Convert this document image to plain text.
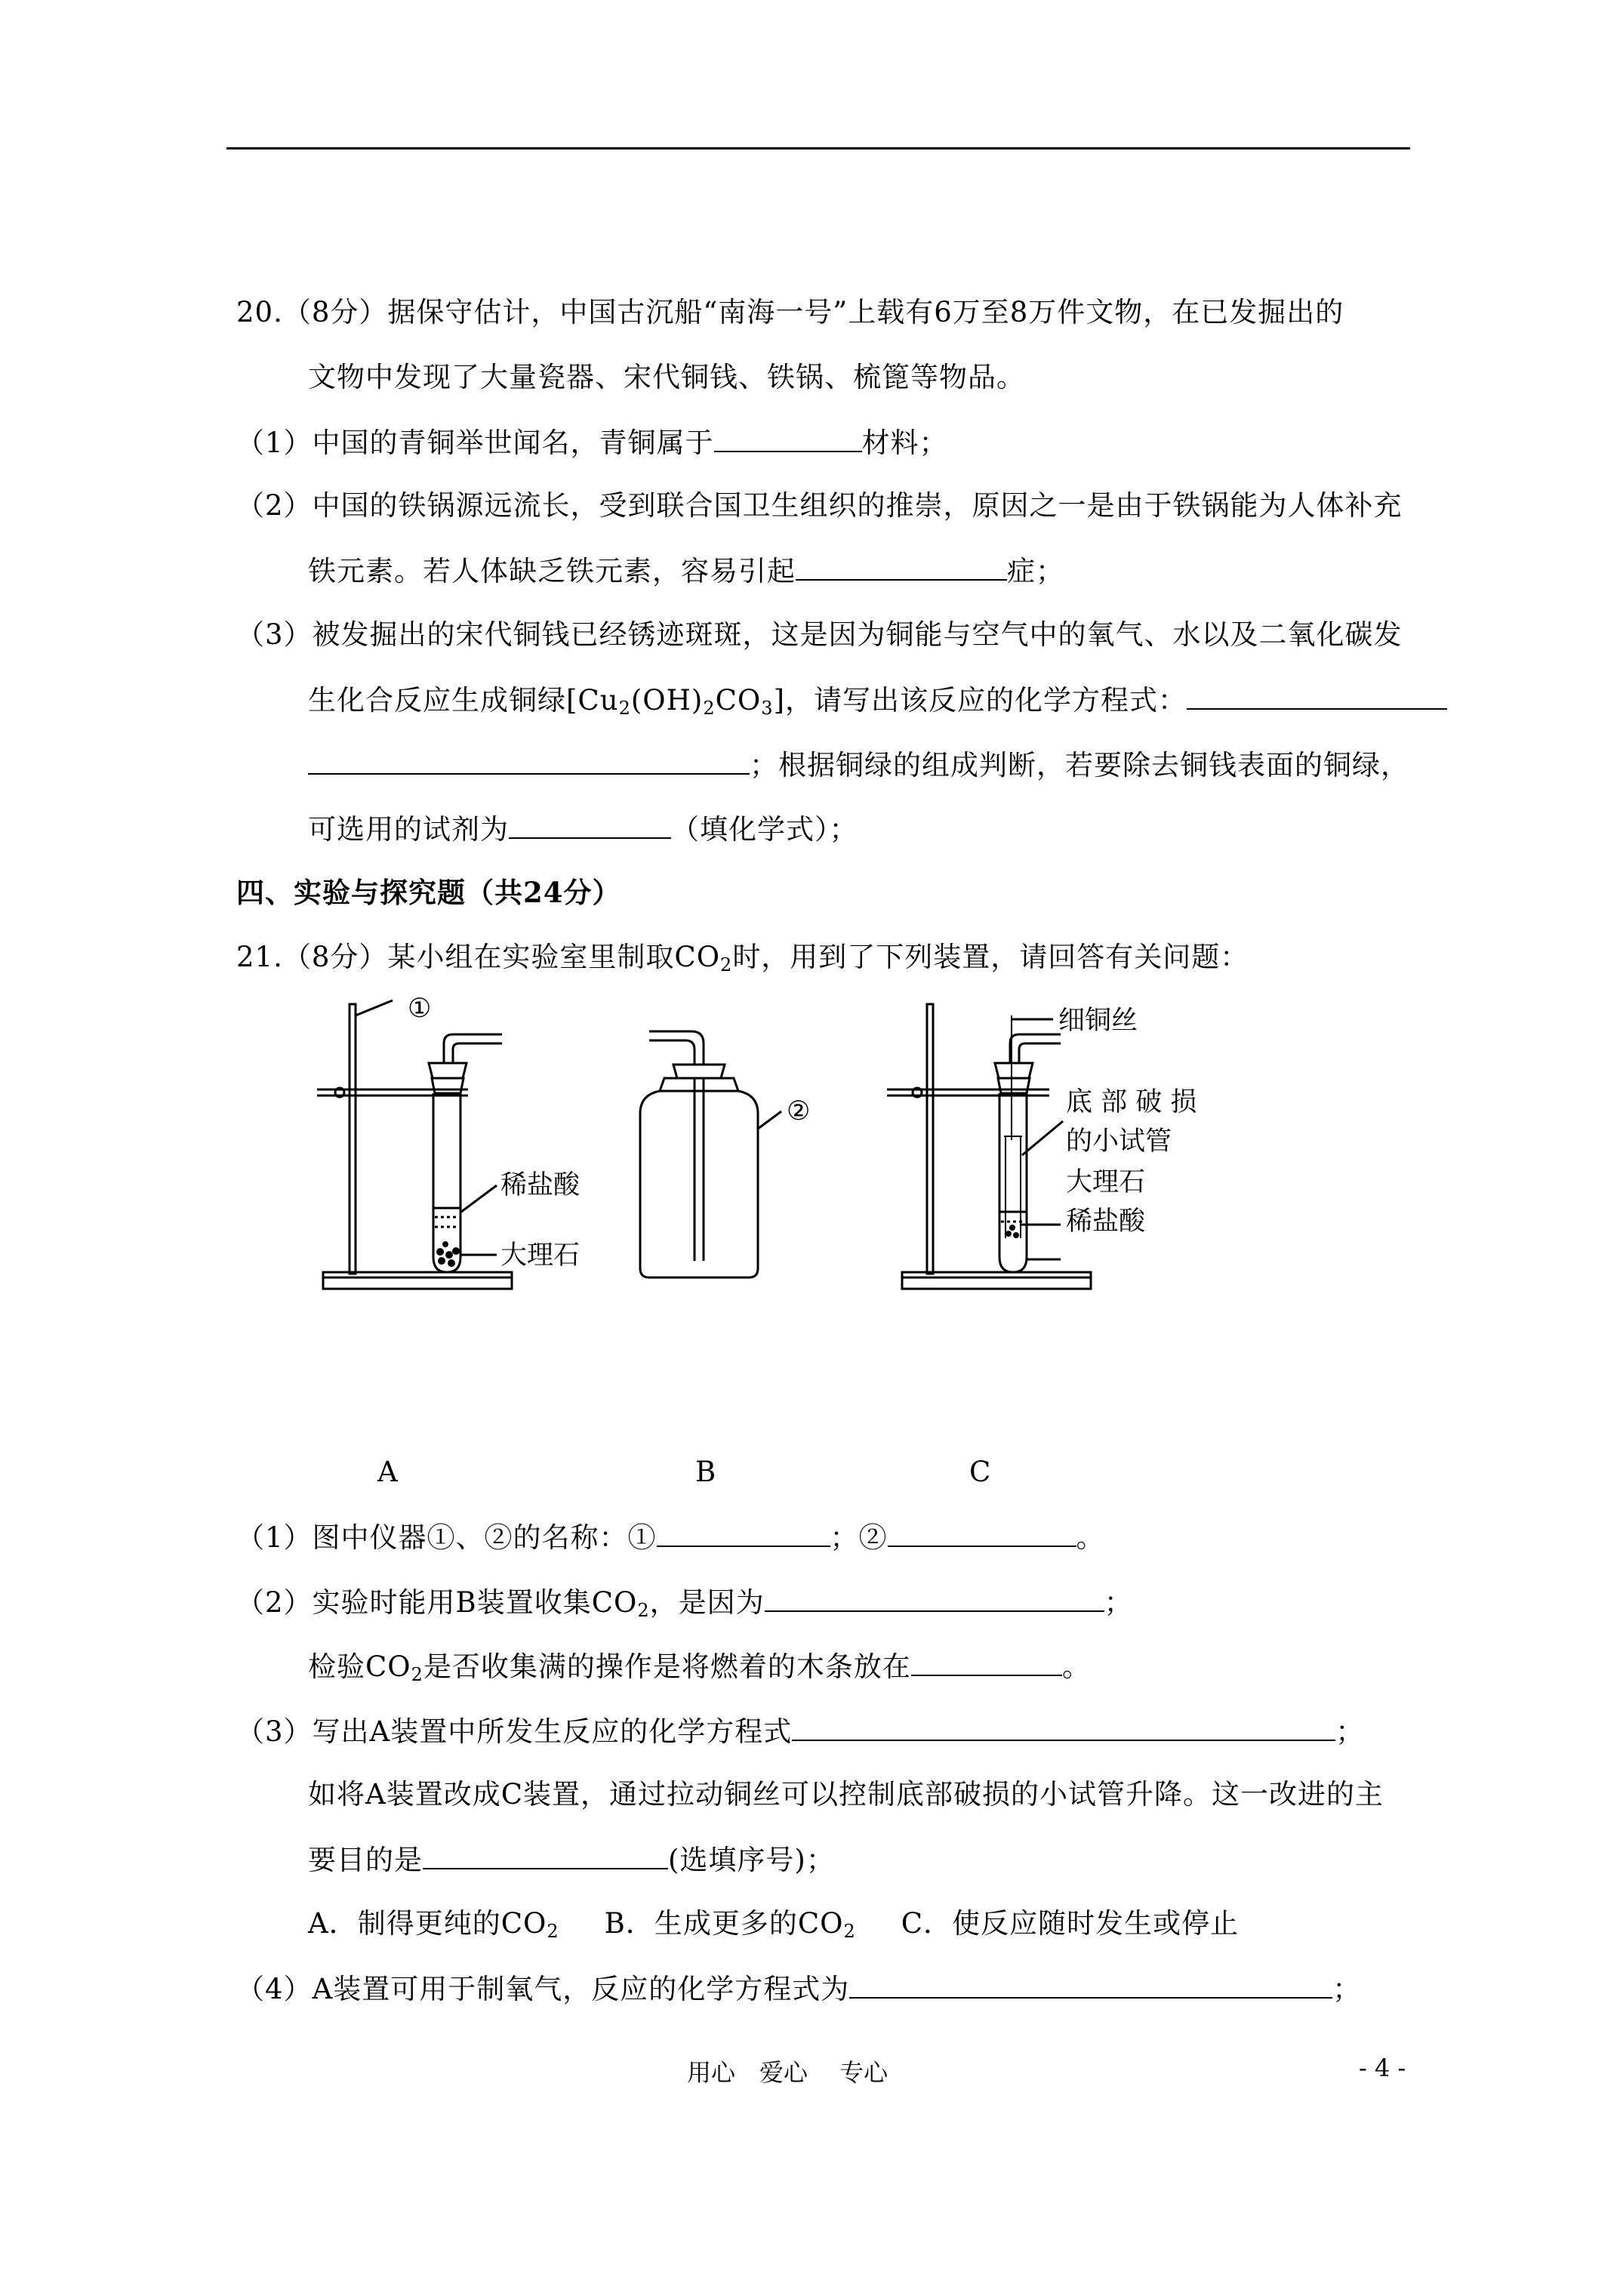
20.（8分）据保守估计，中国古沉船“南海一号”上载有6万至8万件文物，在已发掘出的
文物中发现了大量瓷器、宋代铜钱、铁锅、梳篦等物品。
（1）中国的青铜举世闻名，青铜属于	材料；
（2）中国的铁锅源远流长，受到联合国卫生组织的推崇，原因之一是由于铁锅能为人体补充
铁元素。若人体缺乏铁元素，容易引起	症；
（3）被发掘出的宋代铜钱已经锈迹斑斑，这是因为铜能与空气中的氧气、水以及二氧化碳发
生化合反应生成铜绿$[Cu_2(OH)_2CO_3]$，请写出该反应的化学方程式：
；根据铜绿的组成判断，若要除去铜钱表面的铜绿，
可选用的试剂为	（填化学式）；
四、实验与探究题（共24分）
21.（8分）某小组在实验室里制取$CO_2$时，用到了下列装置，请回答有关问题：
①
稀盐酸
大理石
②
细铜丝
底 部 破 损
的小试管
大理石
稀盐酸
A	B	C
（1）图中仪器①、②的名称：①	；②	。
（2）实验时能用B装置收集$CO_2$，是因为	；
检验$CO_2$是否收集满的操作是将燃着的木条放在	。
（3）写出A装置中所发生反应的化学方程式	；
如将A装置改成C装置，通过拉动铜丝可以控制底部破损的小试管升降。这一改进的主
要目的是	(选填序号)；
A．制得更纯的$CO_2$ B．生成更多的$CO_2$ C．使反应随时发生或停止
（4）A装置可用于制氧气，反应的化学方程式为	；
用心　爱心　 专心	- 4 -
